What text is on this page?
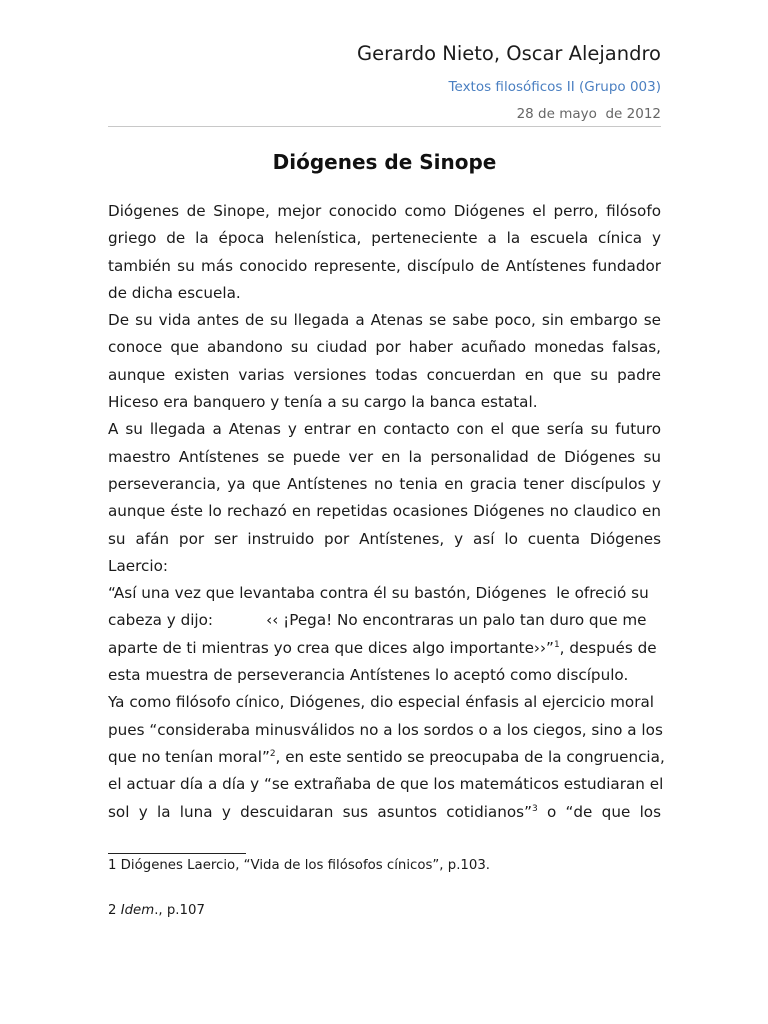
Gerardo Nieto, Oscar Alejandro
Textos filosóficos II (Grupo 003)
28 de mayo  de 2012
Diógenes de Sinope
Diógenes de Sinope, mejor conocido como Diógenes el perro, filósofo
griego de la época helenística, perteneciente a la escuela cínica y
también su más conocido represente, discípulo de Antístenes fundador
de dicha escuela.
De su vida antes de su llegada a Atenas se sabe poco, sin embargo se
conoce que abandono su ciudad por haber acuñado monedas falsas,
aunque existen varias versiones todas concuerdan en que su padre
Hiceso era banquero y tenía a su cargo la banca estatal.
A su llegada a Atenas y entrar en contacto con el que sería su futuro
maestro Antístenes se puede ver en la personalidad de Diógenes su
perseverancia, ya que Antístenes no tenia en gracia tener discípulos y
aunque éste lo rechazó en repetidas ocasiones Diógenes no claudico en
su afán por ser instruido por Antístenes, y así lo cuenta Diógenes
Laercio:
“Así una vez que levantaba contra él su bastón, Diógenes  le ofreció su
cabeza y dijo:           ‹‹ ¡Pega! No encontraras un palo tan duro que me
aparte de ti mientras yo crea que dices algo importante››”$^1$, después de
esta muestra de perseverancia Antístenes lo aceptó como discípulo.
Ya como filósofo cínico, Diógenes, dio especial énfasis al ejercicio moral
pues “consideraba minusválidos no a los sordos o a los ciegos, sino a los
que no tenían moral”$^2$, en este sentido se preocupaba de la congruencia,
el actuar día a día y “se extrañaba de que los matemáticos estudiaran el
sol y la luna y descuidaran sus asuntos cotidianos”$^3$ o “de que los
1 Diógenes Laercio, “Vida de los filósofos cínicos”, p.103.
2 Idem., p.107
